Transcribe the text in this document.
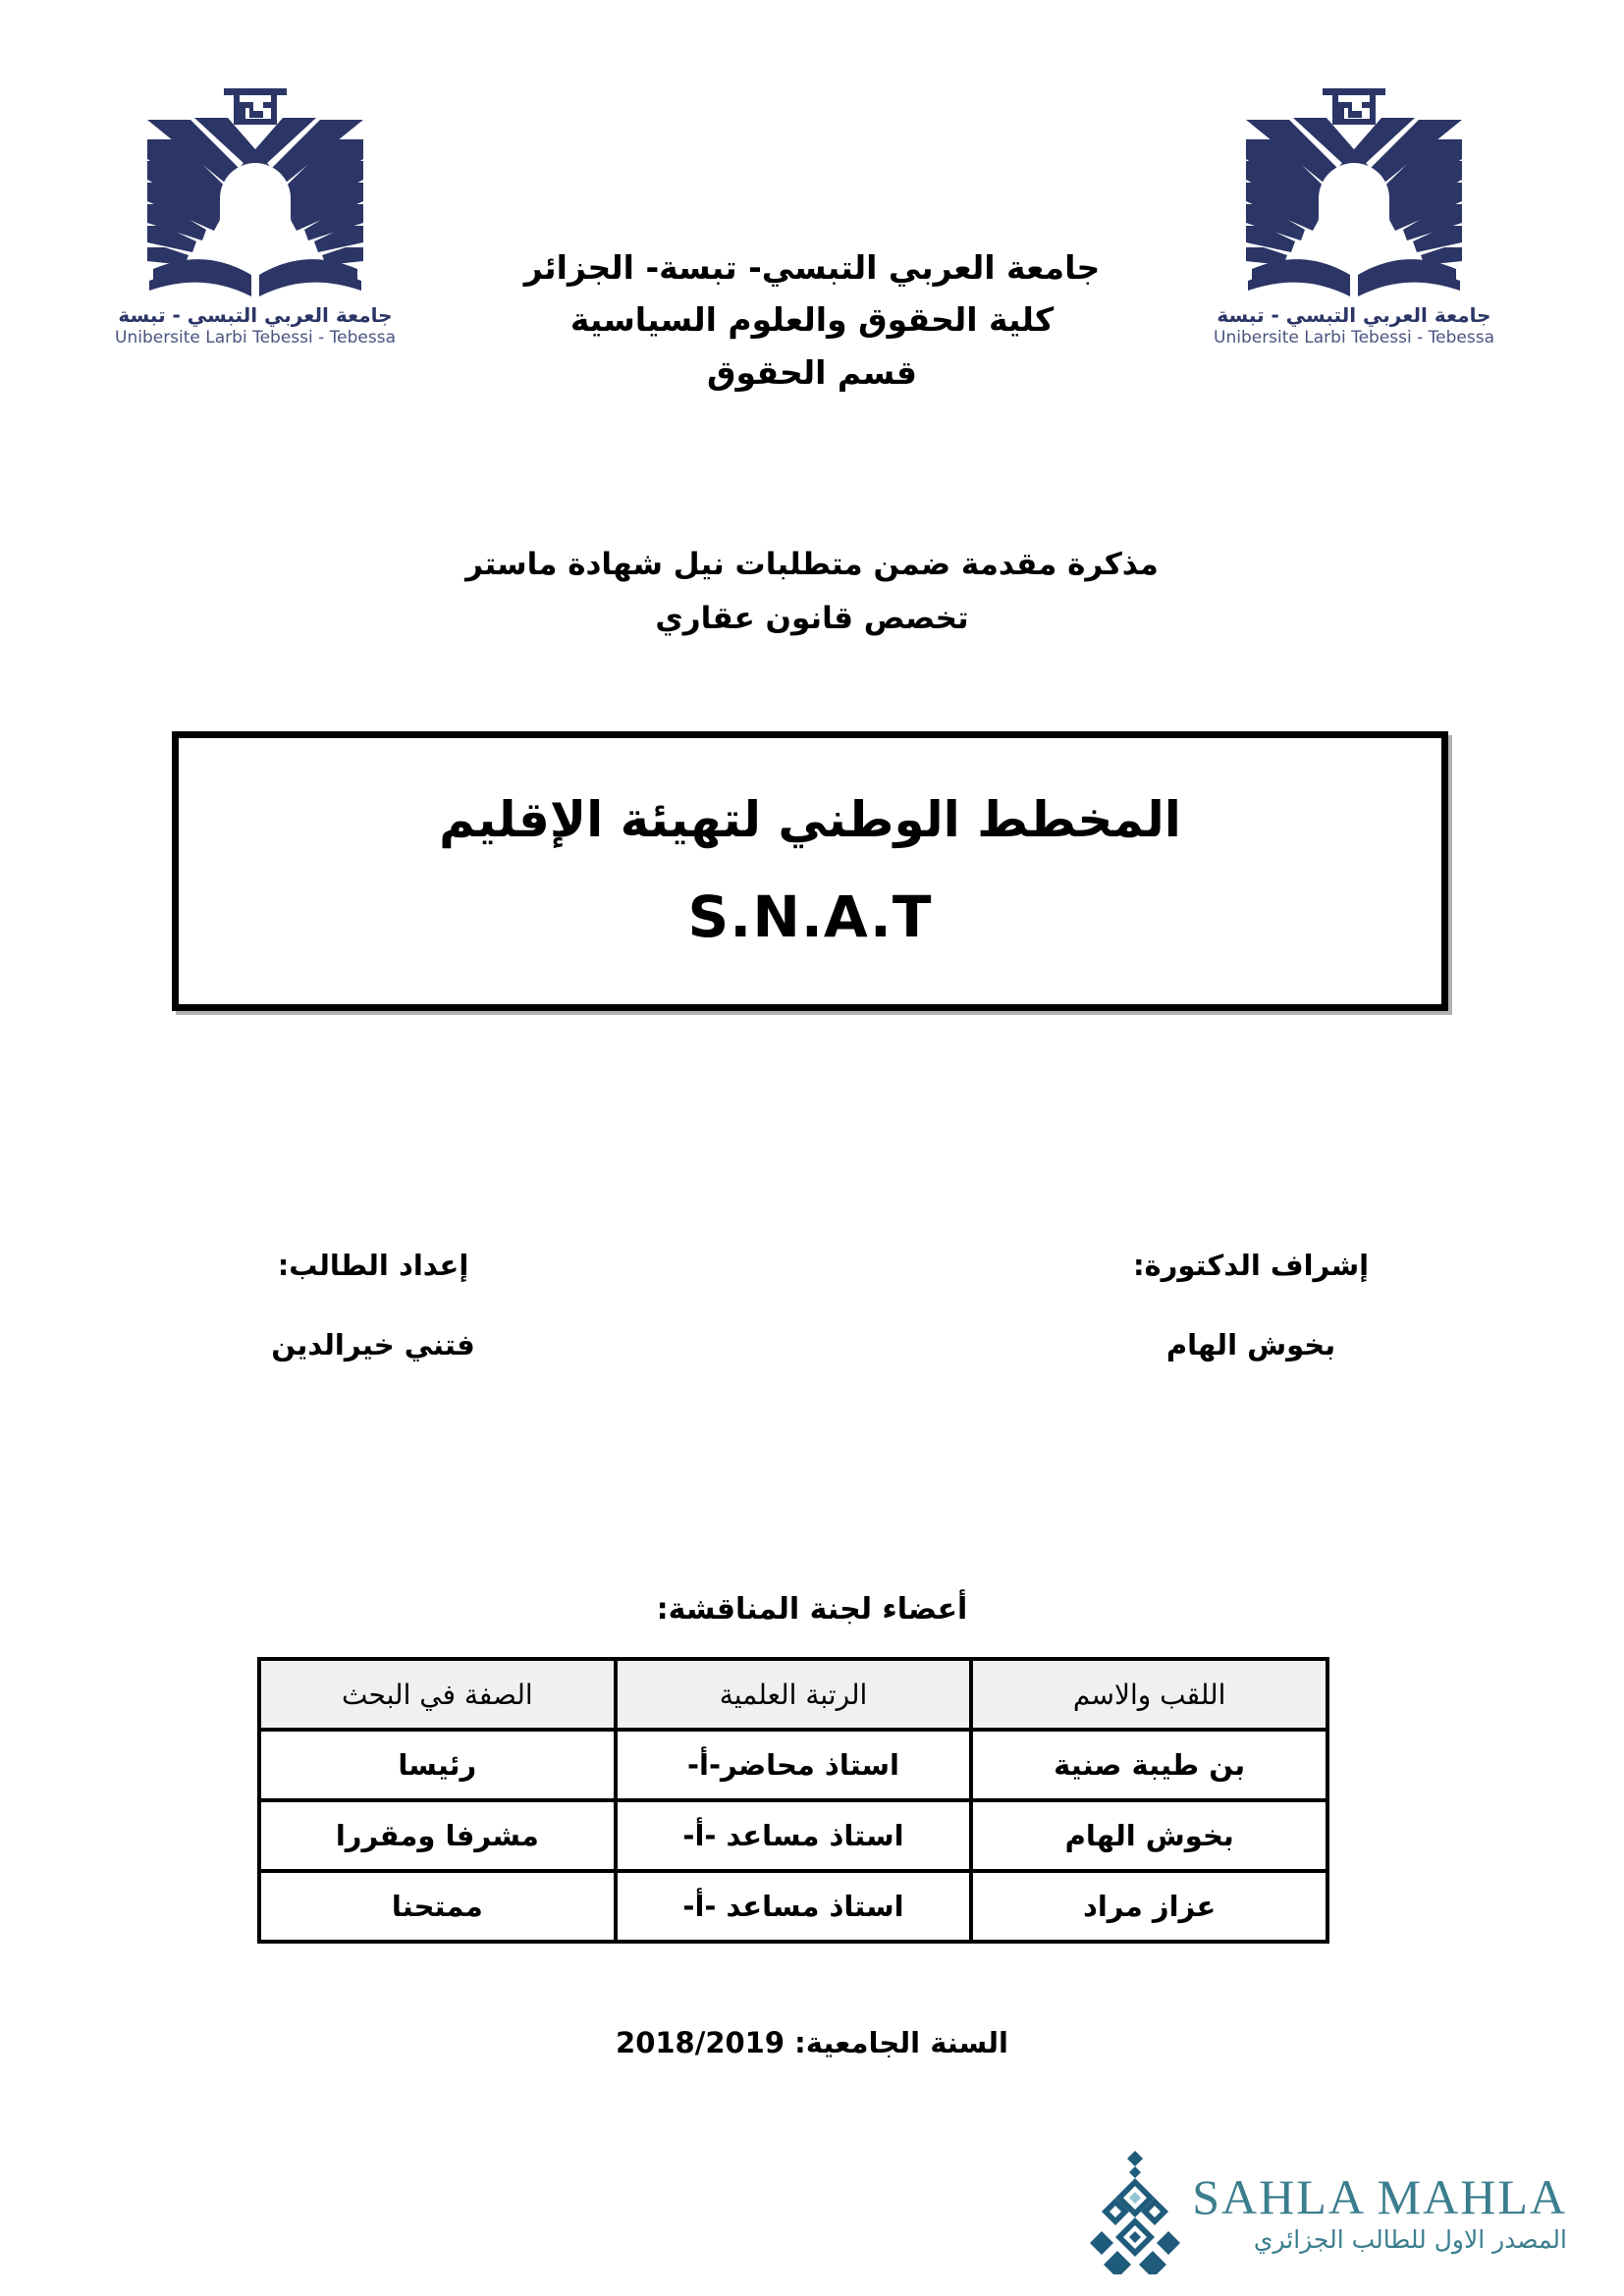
جامعة العربي التبسي - تبسة
Unibersite Larbi Tebessi - Tebessa
جامعة العربي التبسي - تبسة
Unibersite Larbi Tebessi - Tebessa
جامعة العربي التبسي- تبسة- الجزائر
كلية الحقوق والعلوم السياسية
قسم الحقوق
مذكرة مقدمة ضمن متطلبات نيل شهادة ماستر
تخصص قانون عقاري
المخطط الوطني لتهيئة الإقليم
S.N.A.T
إشراف الدكتورة:
بخوش الهام
إعداد الطالب:
فتني خيرالدين
أعضاء لجنة المناقشة:
اللقب والاسم	الرتبة العلمية	الصفة في البحث
بن طيبة صنية	استاذ محاضر-أ-	رئيسا
بخوش الهام	استاذ مساعد -أ-	مشرفا ومقررا
عزاز مراد	استاذ مساعد -أ-	ممتحنا
السنة الجامعية: 2018/2019
SAHLA MAHLA
المصدر الاول للطالب الجزائري
